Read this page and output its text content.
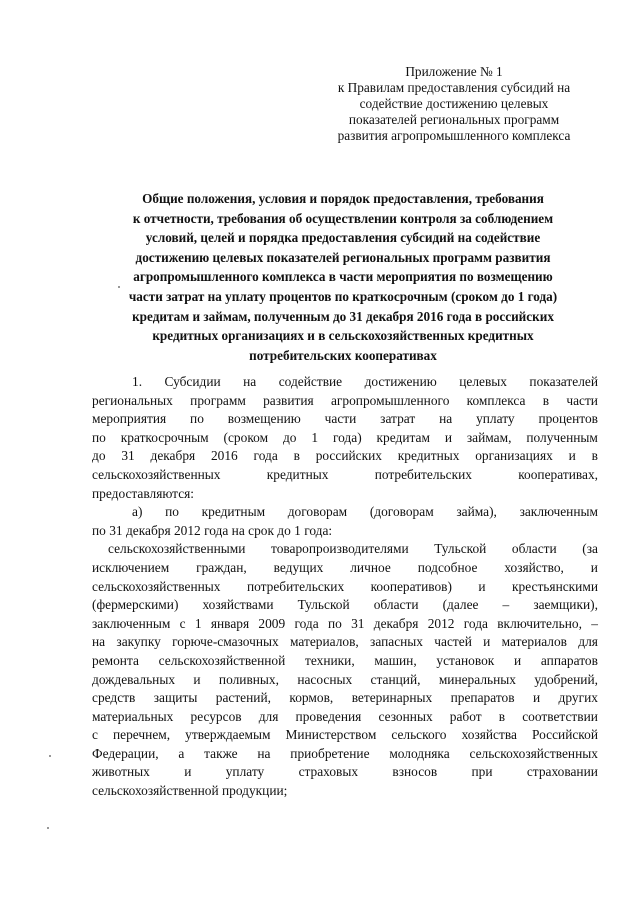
Приложение № 1
к Правилам предоставления субсидий на
содействие достижению целевых
показателей региональных программ
развития агропромышленного комплекса
Общие положения, условия и порядок предоставления, требования
к отчетности, требования об осуществлении контроля за соблюдением
условий, целей и порядка предоставления субсидий на содействие
достижению целевых показателей региональных программ развития
агропромышленного комплекса в части мероприятия по возмещению
части затрат на уплату процентов по краткосрочным (сроком до 1 года)
кредитам и займам, полученным до 31 декабря 2016 года в российских
кредитных организациях и в сельскохозяйственных кредитных
потребительских кооперативах
1. Субсидии на содействие достижению целевых показателей
региональных программ развития агропромышленного комплекса в части
мероприятия по возмещению части затрат на уплату процентов
по краткосрочным (сроком до 1 года) кредитам и займам, полученным
до 31 декабря 2016 года в российских кредитных организациях и в
сельскохозяйственных	кредитных	потребительских	кооперативах,
предоставляются:
а) по кредитным договорам (договорам займа), заключенным
по 31 декабря 2012 года на срок до 1 года:
сельскохозяйственными товаропроизводителями Тульской области (за
исключением граждан, ведущих личное подсобное хозяйство, и
сельскохозяйственных потребительских кооперативов) и крестьянскими
(фермерскими) хозяйствами Тульской области (далее – заемщики),
заключенным с 1 января 2009 года по 31 декабря 2012 года включительно, –
на закупку горюче-смазочных материалов, запасных частей и материалов для
ремонта сельскохозяйственной техники, машин, установок и аппаратов
дождевальных и поливных, насосных станций, минеральных удобрений,
средств защиты растений, кормов, ветеринарных препаратов и других
материальных ресурсов для проведения сезонных работ в соответствии
с перечнем, утверждаемым Министерством сельского хозяйства Российской
Федерации, а также на приобретение молодняка сельскохозяйственных
животных	и	уплату	страховых	взносов	при	страховании
сельскохозяйственной продукции;
